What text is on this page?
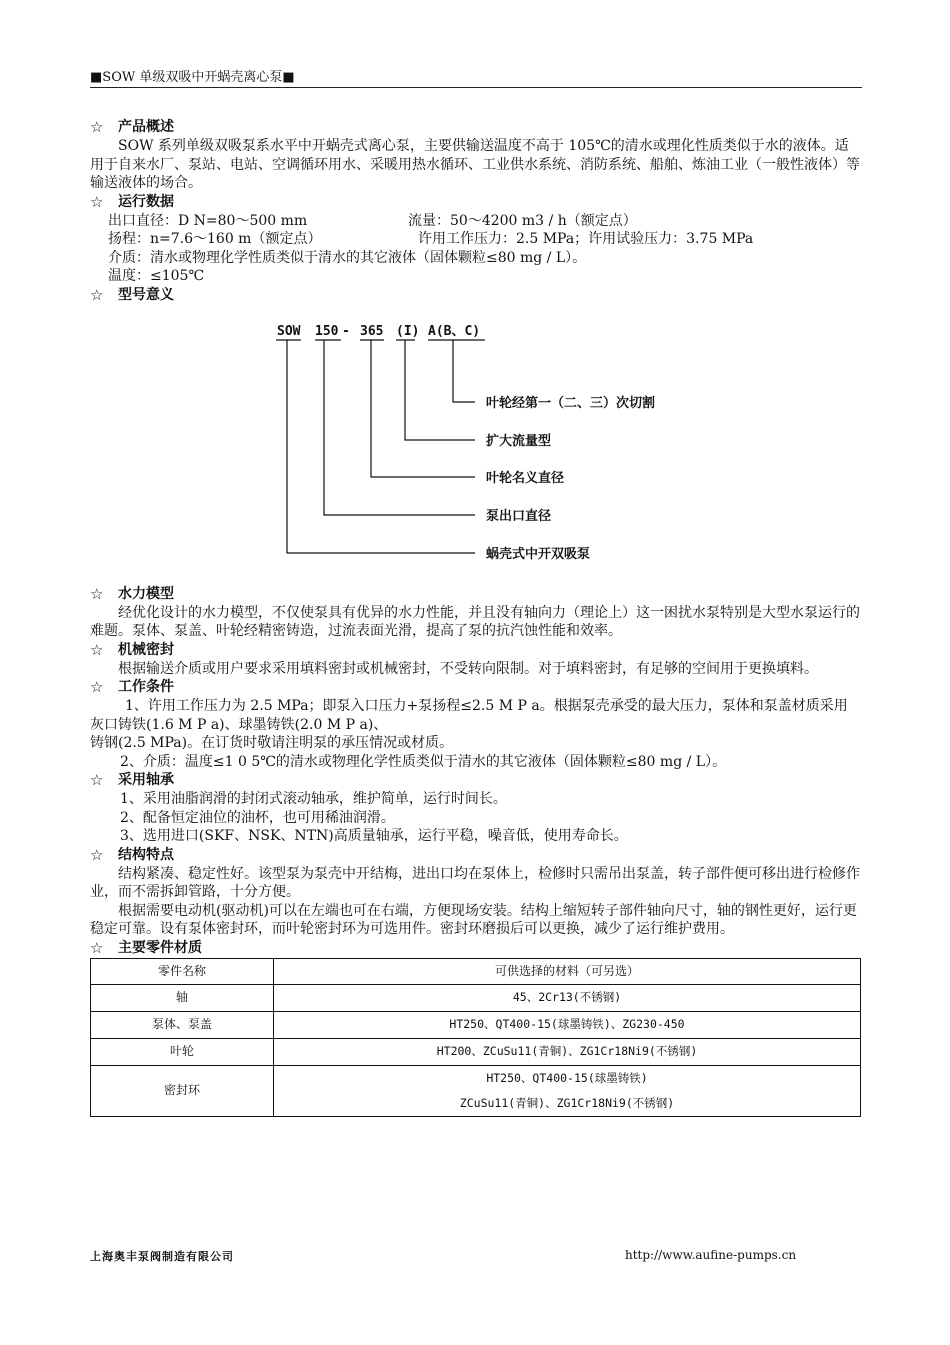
■SOW 单级双吸中开蜗壳离心泵■
☆	产品概述

SOW 系列单级双吸泵系水平中开蜗壳式离心泵，主要供输送温度不高于 105℃的清水或理化性质类似于水的液体。适用于自来水厂、泵站、电站、空调循环用水、采暖用热水循环、工业供水系统、消防系统、船舶、炼油工业（一般性液体）等输送液体的场合。

☆	运行数据
出口直径：D N=80～500 mm	流量：50～4200 m3 / h（额定点）
扬程：n=7.6～160 m（额定点）	许用工作压力：2.5 MPa；许用试验压力：3.75 MPa
介质：清水或物理化学性质类似于清水的其它液体（固体颗粒≤80 mg / L）。
温度：≤105℃
☆	型号意义
SOW 150 - 365 (I) A(B、C)
叶轮经第一（二、三）次切割
扩大流量型
叶轮名义直径
泵出口直径
蜗壳式中开双吸泵
☆	水力模型

经优化设计的水力模型，不仅使泵具有优异的水力性能，并且没有轴向力（理论上）这一困扰水泵特别是大型水泵运行的难题。泵体、泵盖、叶轮经精密铸造，过流表面光滑，提高了泵的抗汽蚀性能和效率。

☆	机械密封

根据输送介质或用户要求采用填料密封或机械密封，不受转向限制。对于填料密封，有足够的空间用于更换填料。

☆	工作条件

1、许用工作压力为 2.5 MPa；即泵入口压力+泵扬程≤2.5 M P a。根据泵壳承受的最大压力，泵体和泵盖材质采用灰口铸铁(1.6 M P a)、球墨铸铁(2.0 M P a)、

铸钢(2.5 MPa)。在订货时敬请注明泵的承压情况或材质。

2、介质：温度≤1 0 5℃的清水或物理化学性质类似于清水的其它液体（固体颗粒≤80 mg / L）。

☆	采用轴承
1、采用油脂润滑的封闭式滚动轴承，维护简单，运行时间长。
2、配备恒定油位的油杯，也可用稀油润滑。
3、选用进口(SKF、NSK、NTN)高质量轴承，运行平稳，噪音低，使用寿命长。
☆	结构特点

结构紧凑、稳定性好。该型泵为泵壳中开结梅，进出口均在泵体上，检修时只需吊出泵盖，转子部件便可移出进行检修作业，而不需拆卸管路，十分方便。

根据需要电动机(驱动机)可以在左端也可在右端，方便现场安装。结构上缩短转子部件轴向尺寸，轴的钢性更好，运行更稳定可靠。设有泵体密封环，而叶轮密封环为可选用件。密封环磨损后可以更换，减少了运行维护费用。

☆	主要零件材质
零件名称	可供选择的材料（可另选）
轴	45、2Cr13(不锈钢)
泵体、泵盖	HT250、QT400-15(球墨铸铁)、ZG230-450
叶轮	HT200、ZCuSu11(青铜)、ZG1Cr18Ni9(不锈钢)
密封环	HT250、QT400-15(球墨铸铁)
ZCuSu11(青铜)、ZG1Cr18Ni9(不锈钢)
上海奥丰泵阀制造有限公司	http://www.aufine-pumps.cn
